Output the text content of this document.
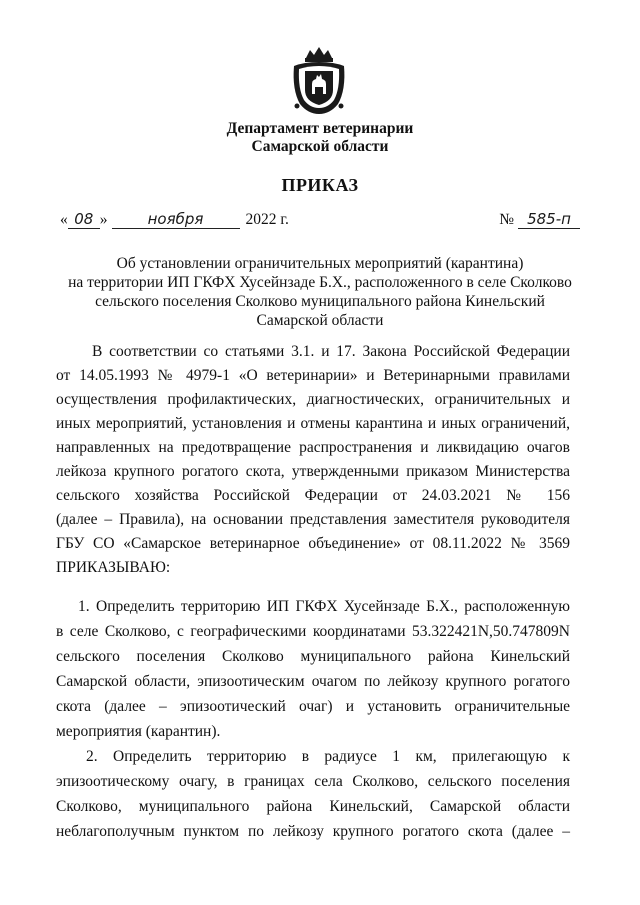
Департамент ветеринарии
Самарской области
ПРИКАЗ
« 08 »	ноября	2022 г.	№ 585-п
Об установлении ограничительных мероприятий (карантина)
на территории ИП ГКФХ Хусейнзаде Б.Х., расположенного в селе Сколково
сельского поселения Сколково муниципального района Кинельский
Самарской области
В соответствии со статьями 3.1. и 17. Закона Российской Федерации
от 14.05.1993 № 4979-1 «О ветеринарии» и Ветеринарными правилами
осуществления профилактических, диагностических, ограничительных и
иных мероприятий, установления и отмены карантина и иных ограничений,
направленных на предотвращение распространения и ликвидацию очагов
лейкоза крупного рогатого скота, утвержденными приказом Министерства
сельского хозяйства Российской Федерации от 24.03.2021 № 156
(далее – Правила), на основании представления заместителя руководителя
ГБУ СО «Самарское ветеринарное объединение» от 08.11.2022 № 3569
ПРИКАЗЫВАЮ:
1. Определить территорию ИП ГКФХ Хусейнзаде Б.Х., расположенную
в селе Сколково, с географическими координатами 53.322421N,50.747809N
сельского поселения Сколково муниципального района Кинельский
Самарской области, эпизоотическим очагом по лейкозу крупного рогатого
скота (далее – эпизоотический очаг) и установить ограничительные
мероприятия (карантин).
2. Определить территорию в радиусе 1 км, прилегающую к
эпизоотическому очагу, в границах села Сколково, сельского поселения
Сколково, муниципального района Кинельский, Самарской области
неблагополучным пунктом по лейкозу крупного рогатого скота (далее –
